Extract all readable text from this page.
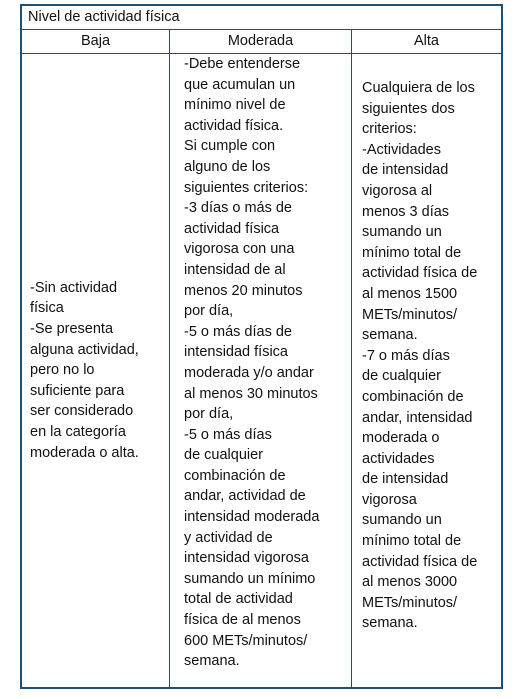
Nivel de actividad física
Baja	Moderada	Alta
-Sin actividad
física
-Se presenta
alguna actividad,
pero no lo
suficiente para
ser considerado
en la categoría
moderada o alta.
-Debe entenderse
que acumulan un
mínimo nivel de
actividad física.
Si cumple con
alguno de los
siguientes criterios:
-3 días o más de
actividad física
vigorosa con una
intensidad de al
menos 20 minutos
por día,
-5 o más días de
intensidad física
moderada y/o andar
al menos 30 minutos
por día,
-5 o más días
de cualquier
combinación de
andar, actividad de
intensidad moderada
y actividad de
intensidad vigorosa
sumando un mínimo
total de actividad
física de al menos
600 METs/minutos/
semana.
Cualquiera de los
siguientes dos
criterios:
-Actividades
de intensidad
vigorosa al
menos 3 días
sumando un
mínimo total de
actividad física de
al menos 1500
METs/minutos/
semana.
-7 o más días
de cualquier
combinación de
andar, intensidad
moderada o
actividades
de intensidad
vigorosa
sumando un
mínimo total de
actividad física de
al menos 3000
METs/minutos/
semana.
